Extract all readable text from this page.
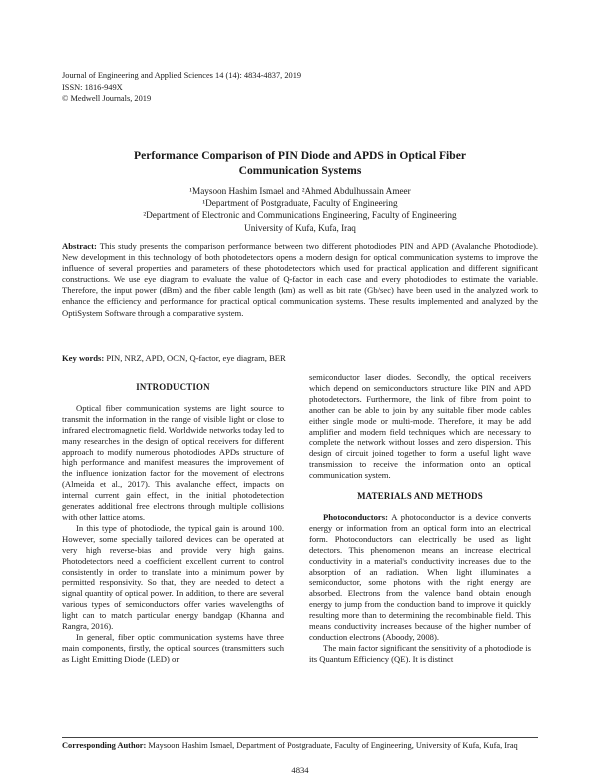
Journal of Engineering and Applied Sciences 14 (14): 4834-4837, 2019
ISSN: 1816-949X
© Medwell Journals, 2019
Performance Comparison of PIN Diode and APDS in Optical Fiber
Communication Systems
¹Maysoon Hashim Ismael and ²Ahmed Abdulhussain Ameer
¹Department of Postgraduate, Faculty of Engineering
²Department of Electronic and Communications Engineering, Faculty of Engineering
University of Kufa, Kufa, Iraq
Abstract: This study presents the comparison performance between two different photodiodes PIN and APD (Avalanche Photodiode). New development in this technology of both photodetectors opens a modern design for optical communication systems to improve the influence of several properties and parameters of these photodetectors which used for practical application and different significant constructions. We use eye diagram to evaluate the value of Q-factor in each case and every photodiodes to estimate the variable. Therefore, the input power (dBm) and the fiber cable length (km) as well as bit rate (Gb/sec) have been used in the analyzed work to enhance the efficiency and performance for practical optical communication systems. These results implemented and analyzed by the OptiSystem Software through a comparative system.
Key words: PIN, NRZ, APD, OCN, Q-factor, eye diagram, BER
INTRODUCTION

Optical fiber communication systems are light source to transmit the information in the range of visible light or close to infrared electromagnetic field. Worldwide networks today led to many researches in the design of optical receivers for different approach to modify numerous photodiodes APDs structure of high performance and manifest measures the improvement of the influence ionization factor for the movement of electrons (Almeida et al., 2017). This avalanche effect, impacts on internal current gain effect, in the initial photodetection generates additional free electrons through multiple collisions with other lattice atoms.

In this type of photodiode, the typical gain is around 100. However, some specially tailored devices can be operated at very high reverse-bias and provide very high gains. Photodetectors need a coefficient excellent current to control consistently in order to translate into a minimum power by permitted responsivity. So that, they are needed to detect a signal quantity of optical power. In addition, to there are several various types of semiconductors offer varies wavelengths of light can to match particular energy bandgap (Khanna and Rangra, 2016).

In general, fiber optic communication systems have three main components, firstly, the optical sources (transmitters such as Light Emitting Diode (LED) or

semiconductor laser diodes. Secondly, the optical receivers which depend on semiconductors structure like PIN and APD photodetectors. Furthermore, the link of fibre from point to another can be able to join by any suitable fiber mode cables either single mode or multi-mode. Therefore, it may be add amplifier and modern field techniques which are necessary to complete the network without losses and zero dispersion. This design of circuit joined together to form a useful light wave transmission to receive the information onto an optical communication system.

MATERIALS AND METHODS

Photoconductors: A photoconductor is a device converts energy or information from an optical form into an electrical form. Photoconductors can electrically be used as light detectors. This phenomenon means an increase electrical conductivity in a material's conductivity increases due to the absorption of an radiation. When light illuminates a semiconductor, some photons with the right energy are absorbed. Electrons from the valence band obtain enough energy to jump from the conduction band to improve it quickly resulting more than to determining the recombinable field. This means conductivity increases because of the higher number of conduction electrons (Aboody, 2008).

The main factor significant the sensitivity of a photodiode is its Quantum Efficiency (QE). It is distinct

Corresponding Author: Maysoon Hashim Ismael, Department of Postgraduate, Faculty of Engineering, University of Kufa, Kufa, Iraq
4834
